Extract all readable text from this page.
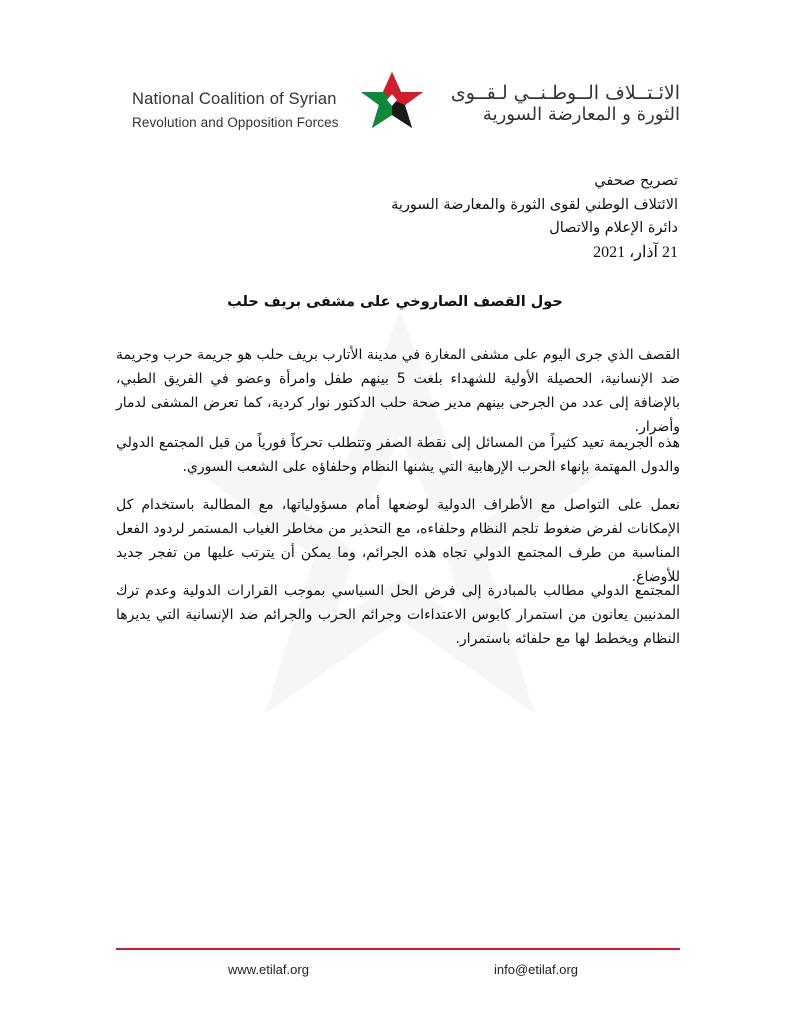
National Coalition of Syrian
Revolution and Opposition Forces
الائـتــلاف الــوطـنــي لـقــوى
الثورة و المعارضة السورية
تصريح صحفي
الائتلاف الوطني لقوى الثورة والمعارضة السورية
دائرة الإعلام والاتصال
21 آذار، 2021
حول القصف الصاروخي على مشفى بريف حلب
القصف الذي جرى اليوم على مشفى المغارة في مدينة الأتارب بريف حلب هو جريمة حرب وجريمة ضد الإنسانية، الحصيلة الأولية للشهداء بلغت 5 بينهم طفل وامرأة وعضو في الفريق الطبي، بالإضافة إلى عدد من الجرحى بينهم مدير صحة حلب الدكتور نوار كردية، كما تعرض المشفى لدمار وأضرار.
هذه الجريمة تعيد كثيراً من المسائل إلى نقطة الصفر وتتطلب تحركاً فورياً من قبل المجتمع الدولي والدول المهتمة بإنهاء الحرب الإرهابية التي يشنها النظام وحلفاؤه على الشعب السوري.
نعمل على التواصل مع الأطراف الدولية لوضعها أمام مسؤولياتها، مع المطالبة باستخدام كل الإمكانات لفرض ضغوط تلجم النظام وحلفاءه، مع التحذير من مخاطر الغياب المستمر لردود الفعل المناسبة من طرف المجتمع الدولي تجاه هذه الجرائم، وما يمكن أن يترتب عليها من تفجر جديد للأوضاع.
المجتمع الدولي مطالب بالمبادرة إلى فرض الحل السياسي بموجب القرارات الدولية وعدم ترك المدنيين يعانون من استمرار كابوس الاعتداءات وجرائم الحرب والجرائم ضد الإنسانية التي يديرها النظام ويخطط لها مع حلفائه باستمرار.
www.etilaf.org	info@etilaf.org
